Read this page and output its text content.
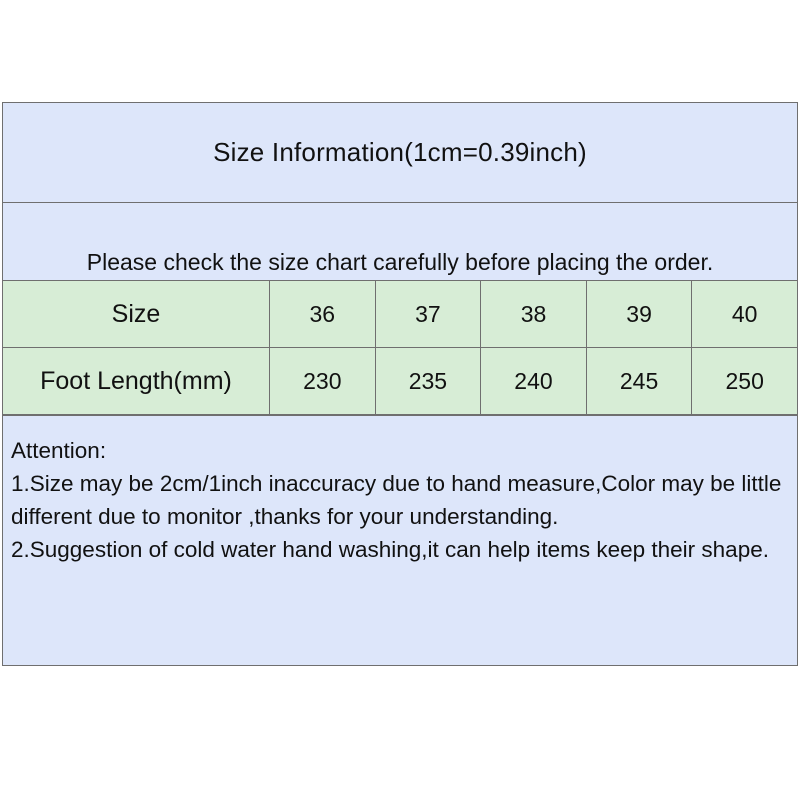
Size Information(1cm=0.39inch)
Please check the size chart carefully before placing the order.
Size	36	37	38	39	40
Foot Length(mm)	230	235	240	245	250
Attention:
1.Size may be 2cm/1inch inaccuracy due to hand measure,Color may be little different due to monitor ,thanks for your understanding.
2.Suggestion of cold water hand washing,it can help items keep their shape.
